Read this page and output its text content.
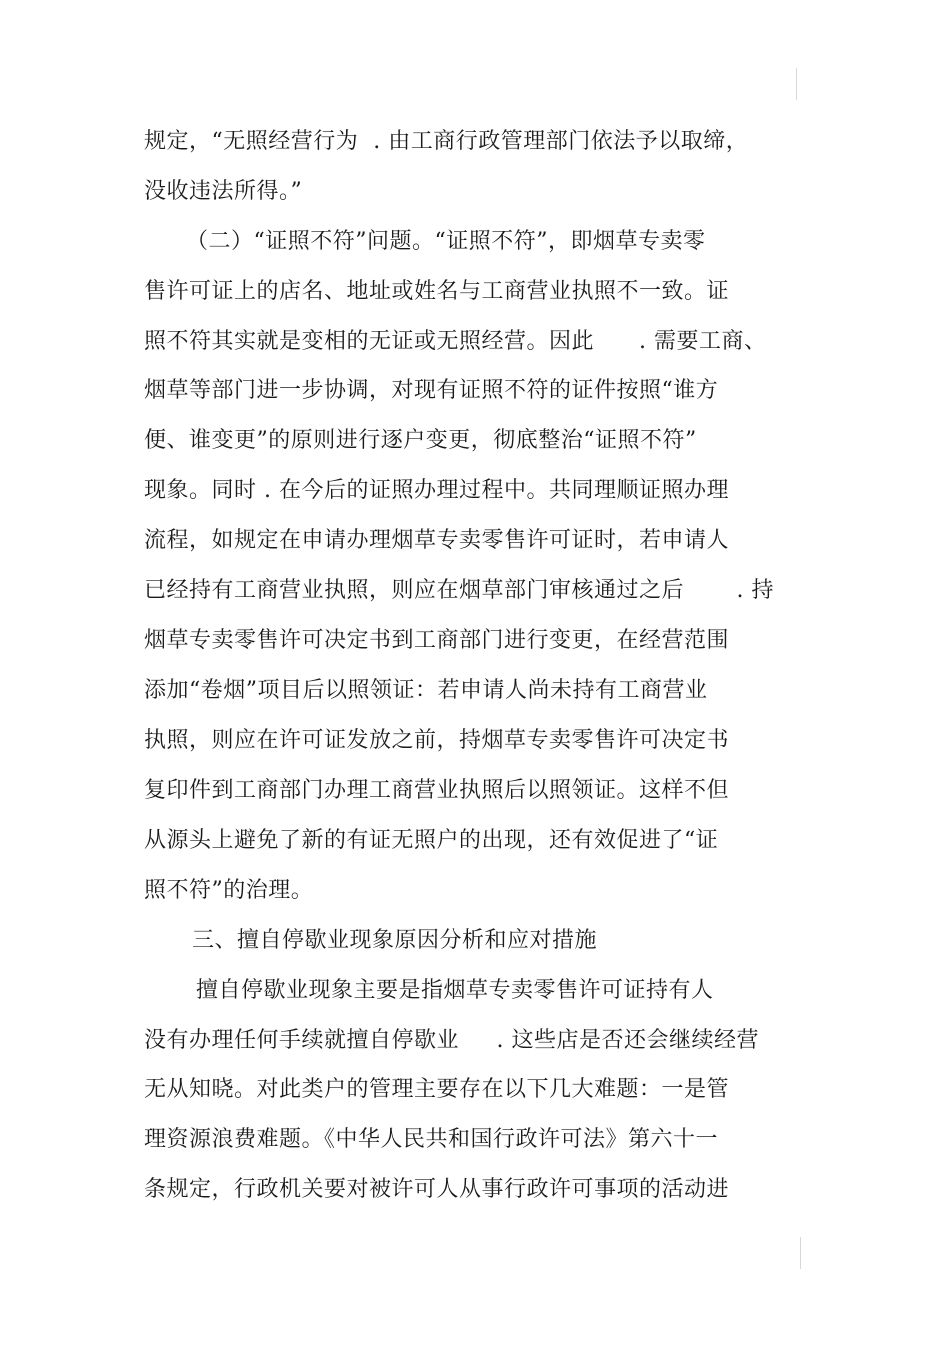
规定，“无照经营行为  . 由工商行政管理部门依法予以取缔，
没收违法所得。”
（二）“证照不符”问题。“证照不符”，即烟草专卖零
售许可证上的店名、地址或姓名与工商营业执照不一致。证
照不符其实就是变相的无证或无照经营。因此      . 需要工商、
烟草等部门进一步协调，对现有证照不符的证件按照“谁方
便、谁变更”的原则进行逐户变更，彻底整治“证照不符”
现象。同时 . 在今后的证照办理过程中。共同理顺证照办理
流程，如规定在申请办理烟草专卖零售许可证时，若申请人
已经持有工商营业执照，则应在烟草部门审核通过之后       . 持
烟草专卖零售许可决定书到工商部门进行变更，在经营范围
添加“卷烟”项目后以照领证：若申请人尚未持有工商营业
执照，则应在许可证发放之前，持烟草专卖零售许可决定书
复印件到工商部门办理工商营业执照后以照领证。这样不但
从源头上避免了新的有证无照户的出现，还有效促进了“证
照不符”的治理。
三、擅自停歇业现象原因分析和应对措施
擅自停歇业现象主要是指烟草专卖零售许可证持有人
没有办理任何手续就擅自停歇业     . 这些店是否还会继续经营
无从知晓。对此类户的管理主要存在以下几大难题：一是管
理资源浪费难题。《中华人民共和国行政许可法》第六十一
条规定，行政机关要对被许可人从事行政许可事项的活动进
